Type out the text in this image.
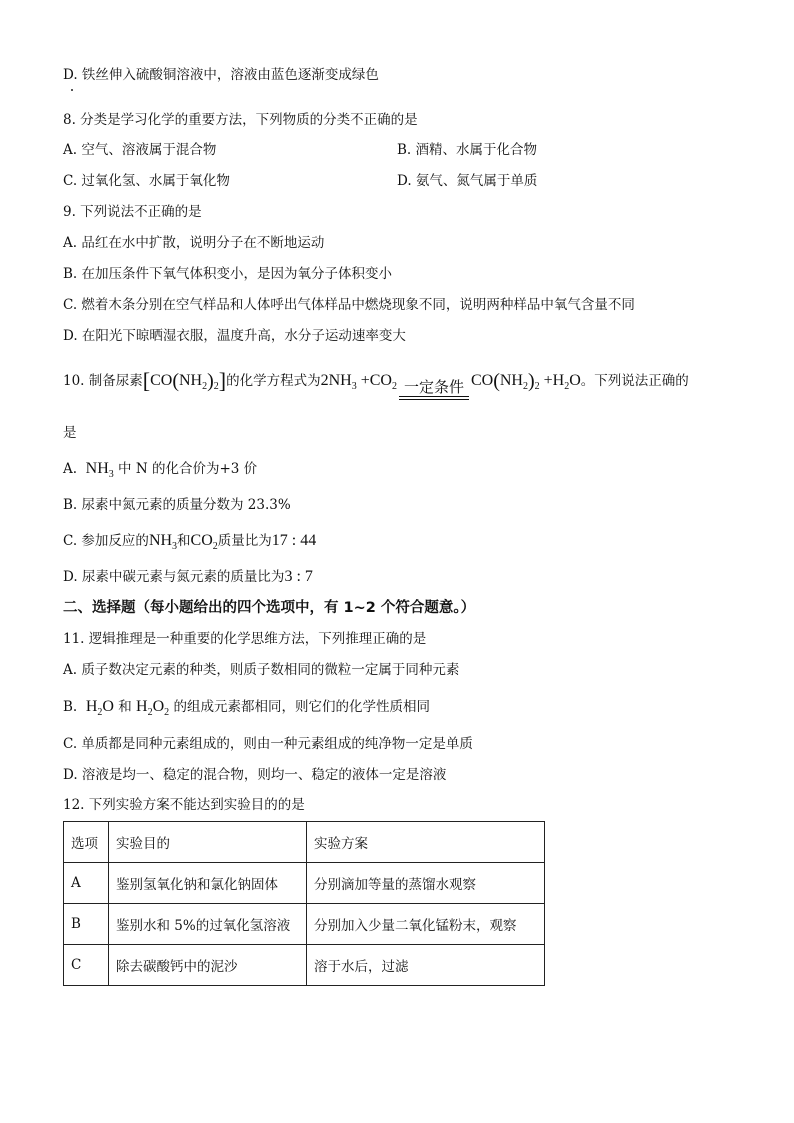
D. 铁丝伸入硫酸铜溶液中，溶液由蓝色逐渐变成绿色
8. 分类是学习化学的重要方法，下列物质的分类不正确的是
A. 空气、溶液属于混合物	B. 酒精、水属于化合物
C. 过氧化氢、水属于氧化物	D. 氨气、氮气属于单质
9. 下列说法不正确的是
A. 品红在水中扩散，说明分子在不断地运动
B. 在加压条件下氧气体积变小，是因为氧分子体积变小
C. 燃着木条分别在空气样品和人体呼出气体样品中燃烧现象不同，说明两种样品中氧气含量不同
D. 在阳光下晾晒湿衣服，温度升高，水分子运动速率变大
10. 制备尿素$[CO(NH_2)_2]$的化学方程式为$2NH_3 +CO_2$ 一定条件 $CO(NH_2)_2 +H_2O$。下列说法正确的
是
A. $NH_3$ 中 N 的化合价为+3 价
B. 尿素中氮元素的质量分数为 23.3%
C. 参加反应的$NH_3$和$CO_2$质量比为17 : 44
D. 尿素中碳元素与氮元素的质量比为3 : 7
二、选择题（每小题给出的四个选项中，有 1~2 个符合题意。）
11. 逻辑推理是一种重要的化学思维方法，下列推理正确的是
A. 质子数决定元素的种类，则质子数相同的微粒一定属于同种元素
B. $H_2O$ 和 $H_2O_2$ 的组成元素都相同，则它们的化学性质相同
C. 单质都是同种元素组成的，则由一种元素组成的纯净物一定是单质
D. 溶液是均一、稳定的混合物，则均一、稳定的液体一定是溶液
12. 下列实验方案不能达到实验目的的是
选项	实验目的	实验方案
A	鉴别氢氧化钠和氯化钠固体	分别滴加等量的蒸馏水观察
B	鉴别水和 5%的过氧化氢溶液	分别加入少量二氧化锰粉末，观察
C	除去碳酸钙中的泥沙	溶于水后，过滤
